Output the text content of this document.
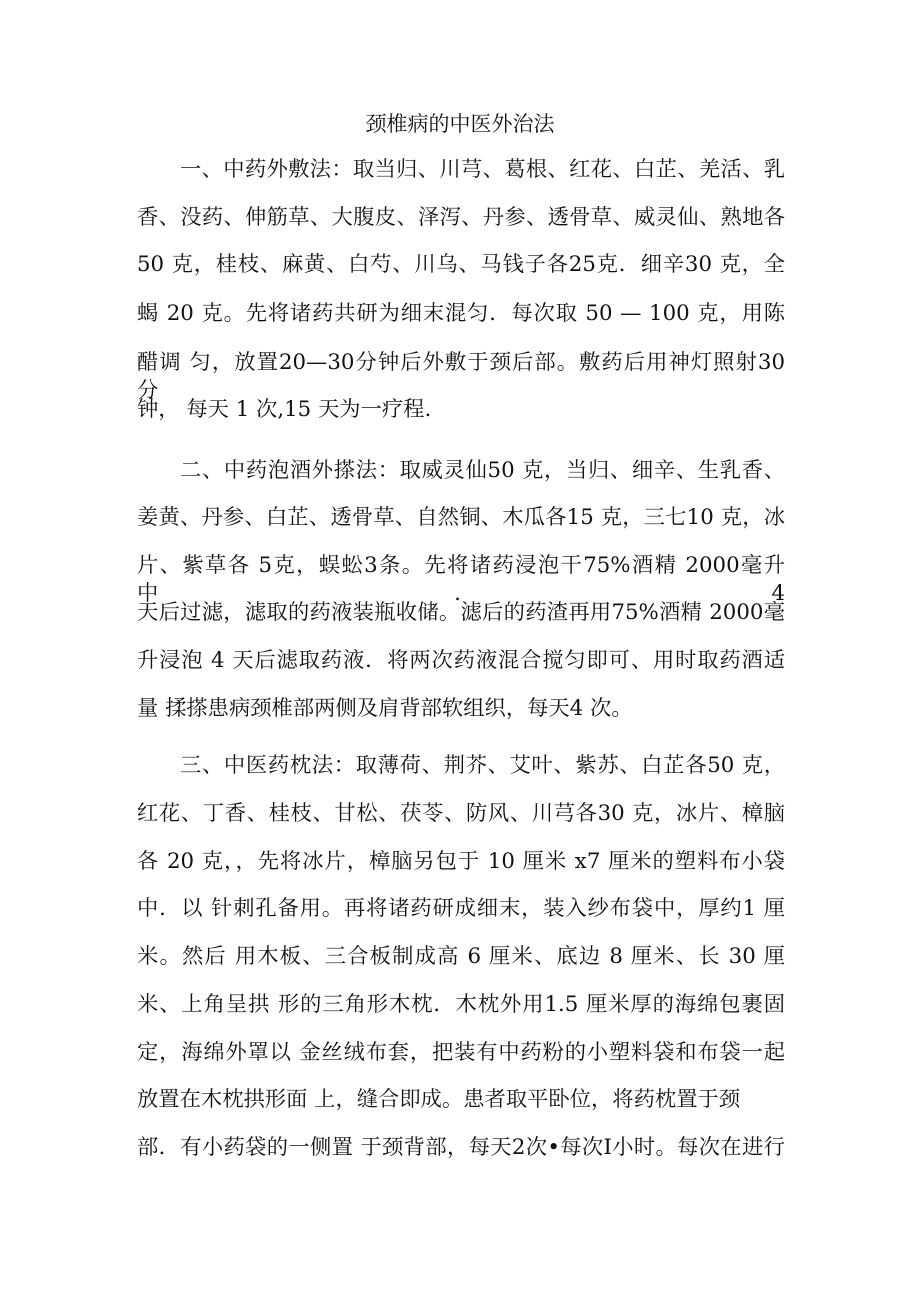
颈椎病的中医外治法
一、中药外敷法：取当归、川芎、葛根、红花、白芷、羌活、乳
香、没药、伸筋草、大腹皮、泽泻、丹参、透骨草、威灵仙、熟地各
50 克，桂枝、麻黄、白芍、川乌、马钱子各25克．细辛30 克，全
蝎 20 克。先将诸药共研为细末混匀．每次取 50 — 100 克，用陈
醋调 匀，放置20—30分钟后外敷于颈后部。敷药后用神灯照射30 分
钟， 每天 1 次,15 天为一疗程.
二、中药泡酒外搽法：取威灵仙50 克，当归、细辛、生乳香、
姜黄、丹参、白芷、透骨草、自然铜、木瓜各15 克，三七10 克，冰
片、紫草各 5克，蜈蚣3条。先将诸药浸泡干75%酒精 2000毫升中．4
天后过滤，滤取的药液装瓶收储。滤后的药渣再用75%酒精 2000毫
升浸泡 4 天后滤取药液．将两次药液混合搅匀即可、用时取药酒适
量 揉搽患病颈椎部两侧及肩背部软组织，每天4 次。
三、中医药枕法：取薄荷、荆芥、艾叶、紫苏、白芷各50 克，
红花、丁香、桂枝、甘松、茯苓、防风、川芎各30 克，冰片、樟脑
各 20 克，，先将冰片，樟脑另包于 10 厘米 x7 厘米的塑料布小袋
中．以 针刺孔备用。再将诸药研成细末，装入纱布袋中，厚约1 厘
米。然后 用木板、三合板制成高 6 厘米、底边 8 厘米、长 30 厘
米、上角呈拱 形的三角形木枕．木枕外用1.5 厘米厚的海绵包裹固
定，海绵外罩以 金丝绒布套，把装有中药粉的小塑料袋和布袋一起
放置在木枕拱形面 上，缝合即成。患者取平卧位，将药枕置于颈
部．有小药袋的一侧置 于颈背部，每天2次•每次I小时。每次在进行
